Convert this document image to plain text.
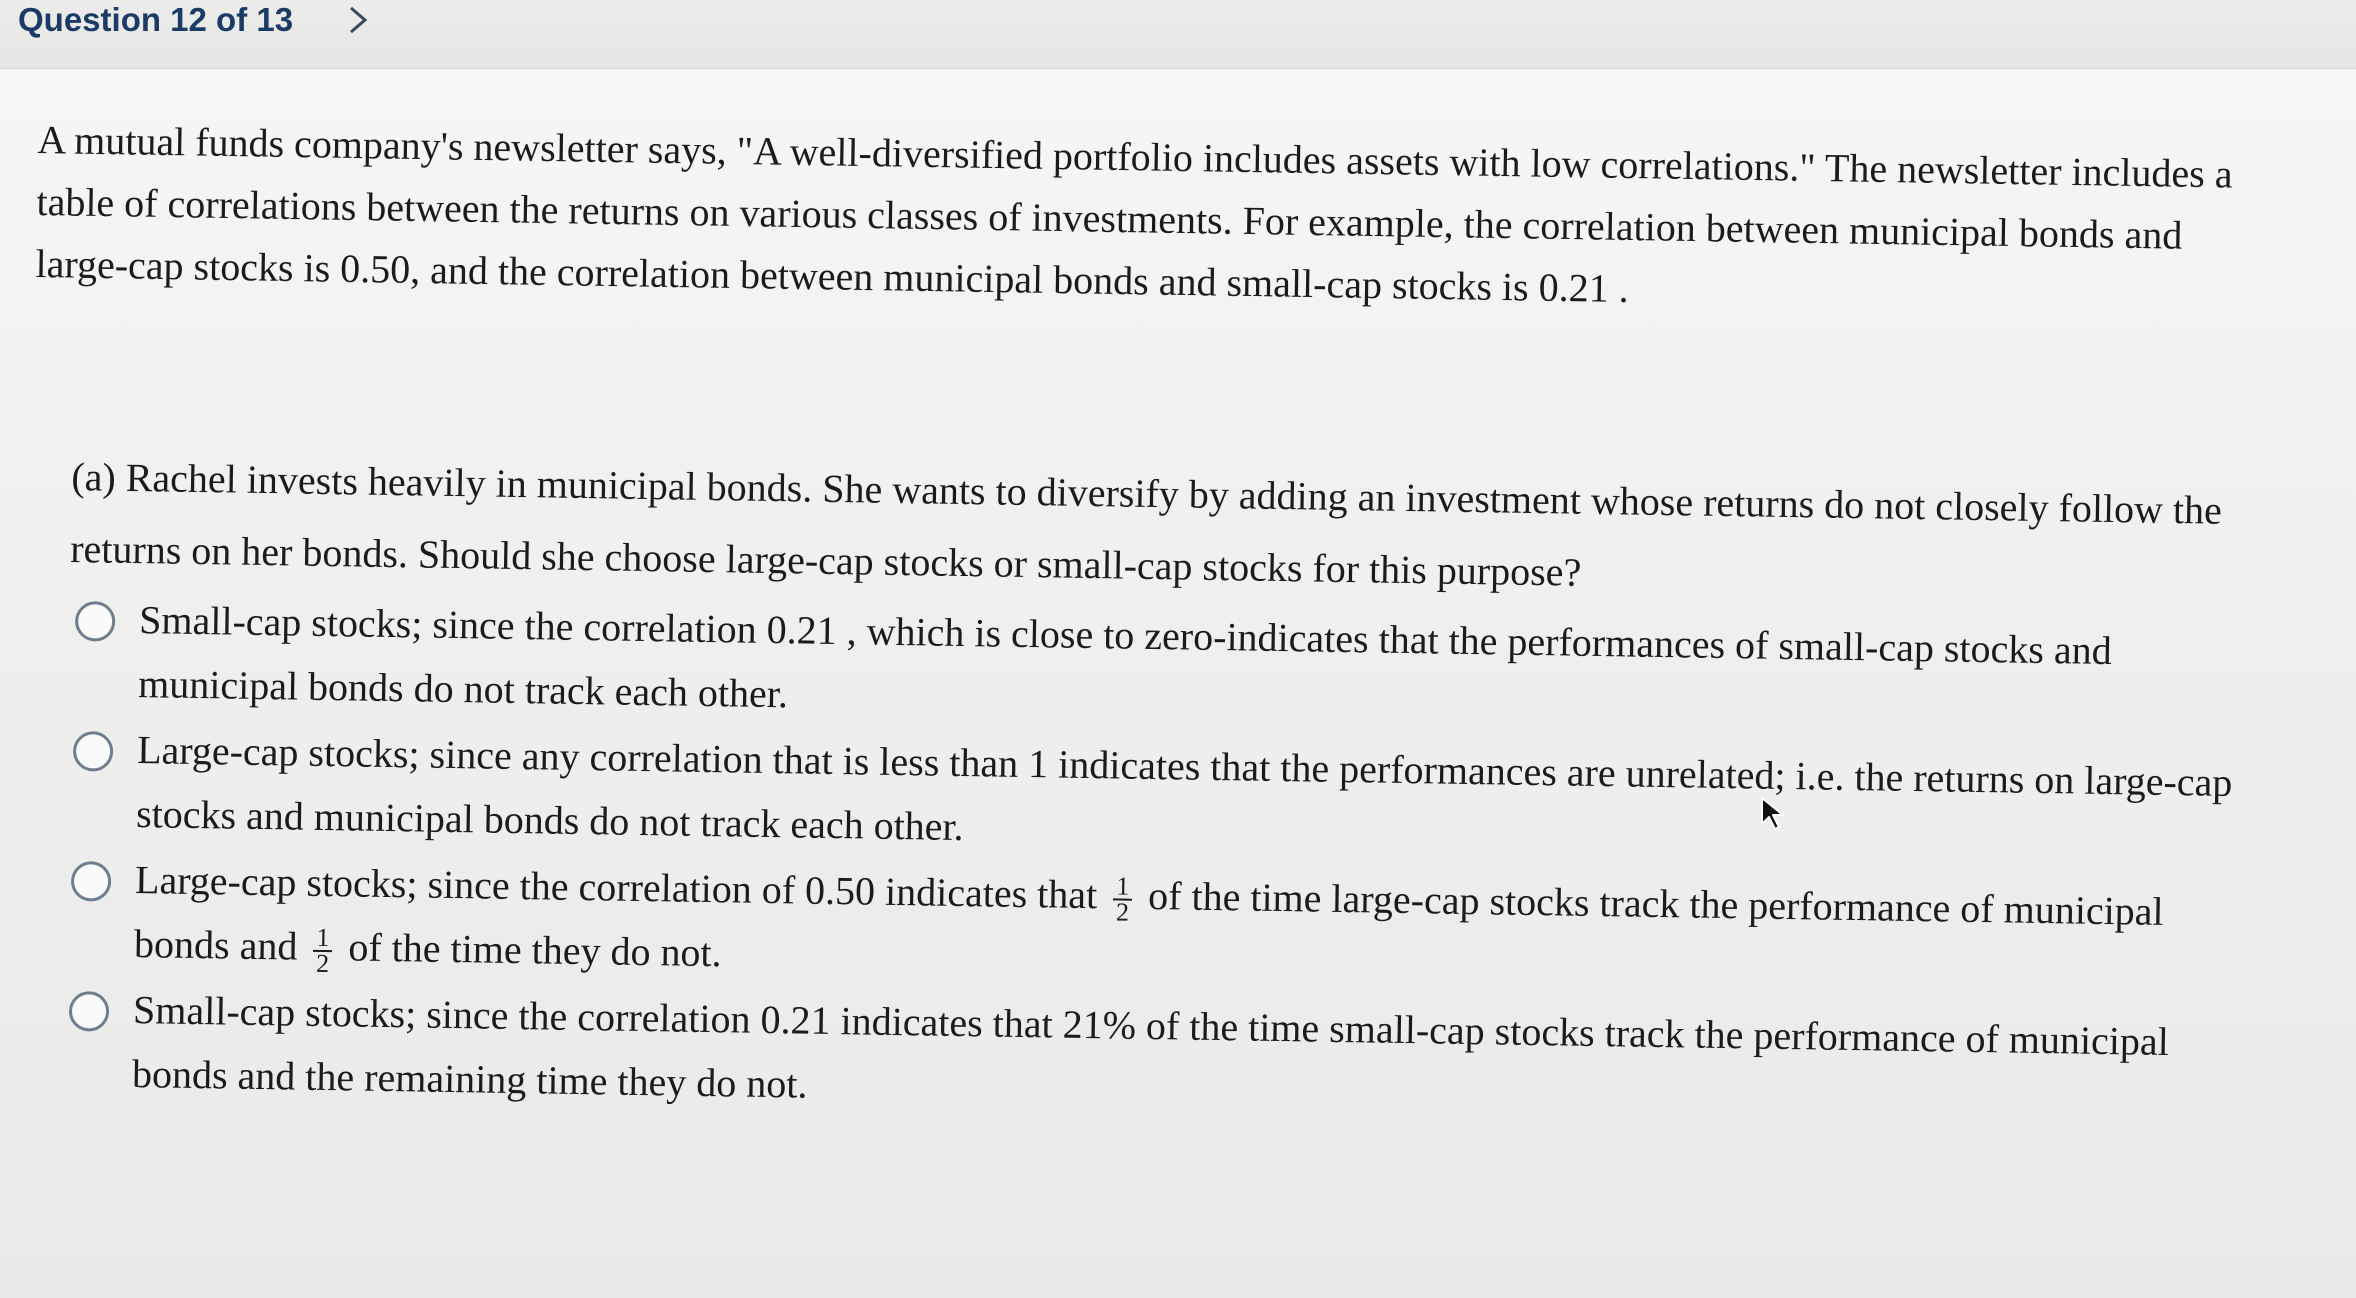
Question 12 of 13
A mutual funds company's newsletter says, "A well-diversified portfolio includes assets with low correlations." The newsletter includes a table of correlations between the returns on various classes of investments. For example, the correlation between municipal bonds and large-cap stocks is 0.50, and the correlation between municipal bonds and small-cap stocks is 0.21 .
(a) Rachel invests heavily in municipal bonds. She wants to diversify by adding an investment whose returns do not closely follow the returns on her bonds. Should she choose large-cap stocks or small-cap stocks for this purpose?
Small-cap stocks; since the correlation 0.21 , which is close to zero-indicates that the performances of small-cap stocks and municipal bonds do not track each other.
Large-cap stocks; since any correlation that is less than 1 indicates that the performances are unrelated; i.e. the returns on large-cap stocks and municipal bonds do not track each other.
Large-cap stocks; since the correlation of 0.50 indicates that $\frac{1}{2}$ of the time large-cap stocks track the performance of municipal bonds and $\frac{1}{2}$ of the time they do not.
Small-cap stocks; since the correlation 0.21 indicates that 21% of the time small-cap stocks track the performance of municipal bonds and the remaining time they do not.
